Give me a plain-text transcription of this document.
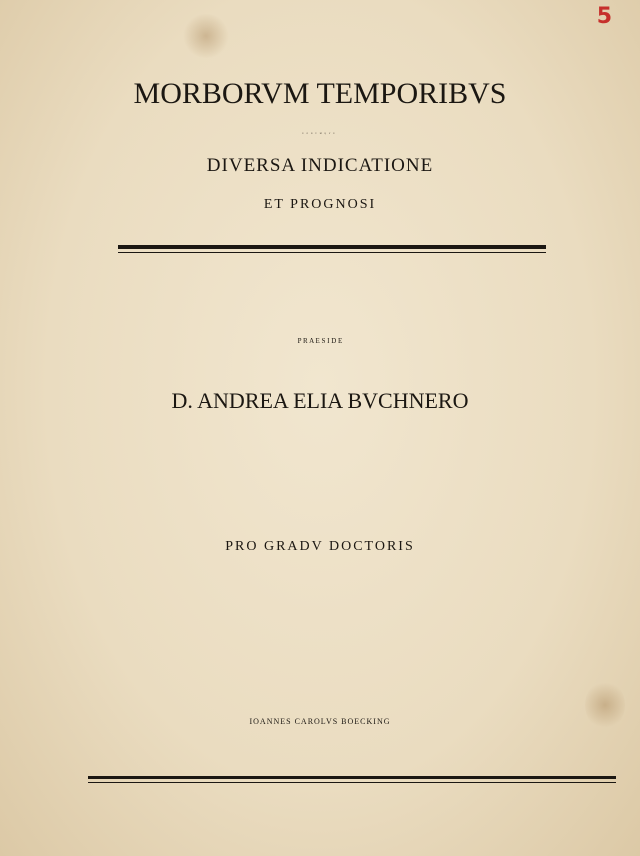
5
MORBORVM TEMPORIBVS
EORVMQVE
DIVERSA INDICATIONE
ET PROGNOSI
P R A E S I D E
D. ANDREA ELIA BVCHNERO
PRO GRADV DOCTORIS
IOANNES CAROLVS BOECKING
